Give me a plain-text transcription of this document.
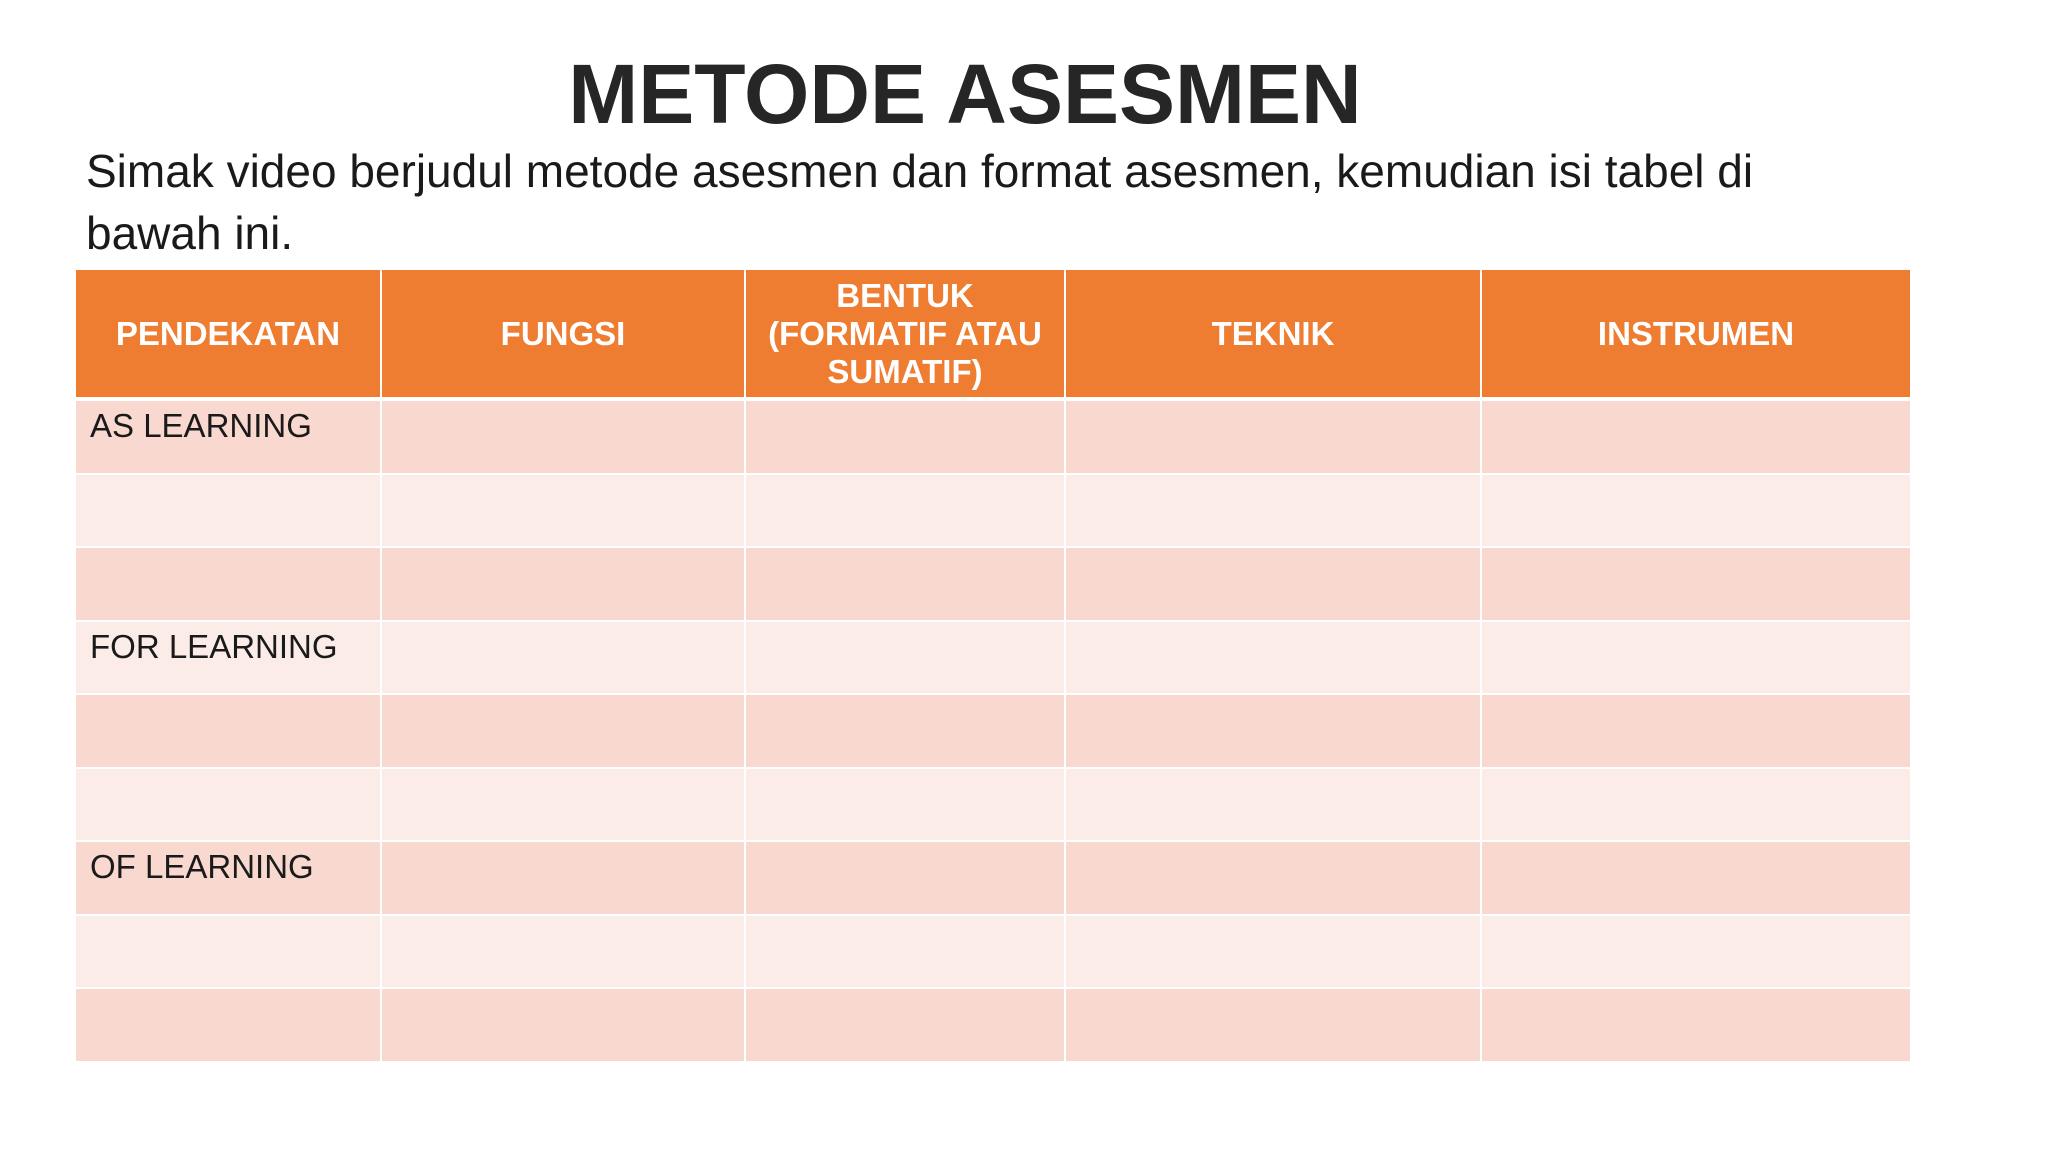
METODE ASESMEN
Simak video berjudul metode asesmen dan format asesmen, kemudian isi tabel di bawah ini.
PENDEKATAN	FUNGSI	BENTUK (FORMATIF ATAU SUMATIF)	TEKNIK	INSTRUMEN
AS LEARNING				

FOR LEARNING				

OF LEARNING				
